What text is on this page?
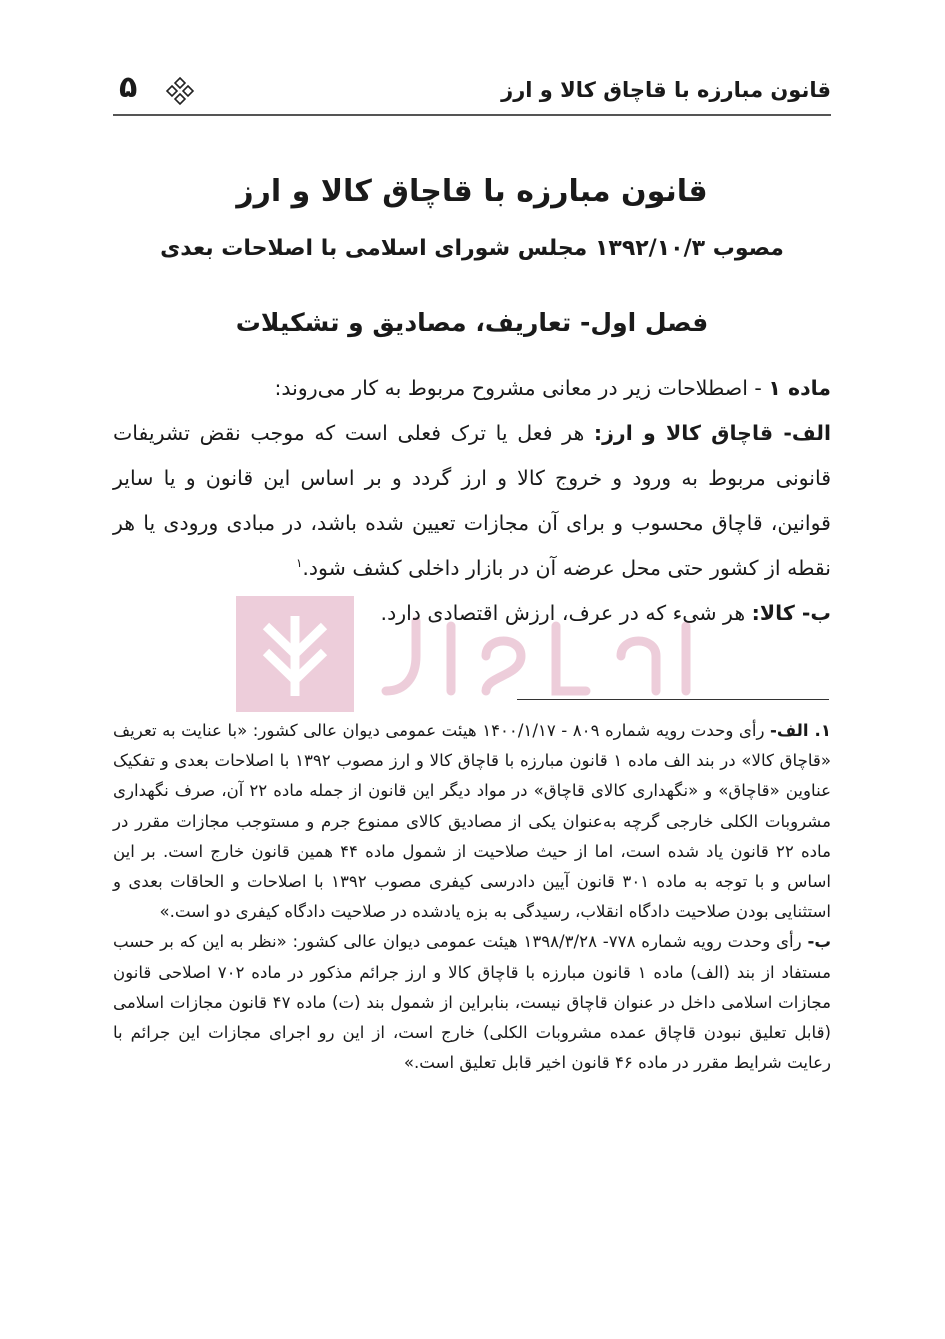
قانون مبارزه با قاچاق کالا و ارز
۵
قانون مبارزه با قاچاق کالا و ارز
مصوب ۱۳۹۲/۱۰/۳ مجلس شورای اسلامی با اصلاحات بعدی
فصل اول- تعاریف، مصادیق و تشکیلات

ماده ۱ - اصطلاحات زیر در معانی مشروح مربوط به کار می‌روند:

الف- قاچاق کالا و ارز: هر فعل یا ترک فعلی است که موجب نقض تشریفات قانونی مربوط به ورود و خروج کالا و ارز گردد و بر اساس این قانون و یا سایر قوانین، قاچاق محسوب و برای آن مجازات تعیین شده باشد، در مبادی ورودی یا هر نقطه از کشور حتی محل عرضه آن در بازار داخلی کشف شود.$^۱$

ب- کالا: هر شیء که در عرف، ارزش اقتصادی دارد.

۱. الف- رأی وحدت رویه شماره ۸۰۹ - ۱۴۰۰/۱/۱۷ هیئت عمومی دیوان عالی کشور: «با عنایت به تعریف «قاچاق کالا» در بند الف ماده ۱ قانون مبارزه با قاچاق کالا و ارز مصوب ۱۳۹۲ با اصلاحات بعدی و تفکیک عناوین «قاچاق» و «نگهداری کالای قاچاق» در مواد دیگر این قانون از جمله ماده ۲۲ آن، صرف نگهداری مشروبات الکلی خارجی گرچه به‌عنوان یکی از مصادیق کالای ممنوع جرم و مستوجب مجازات مقرر در ماده ۲۲ قانون یاد شده است، اما از حیث صلاحیت از شمول ماده ۴۴ همین قانون خارج است. بر این اساس و با توجه به ماده ۳۰۱ قانون آیین دادرسی کیفری مصوب ۱۳۹۲ با اصلاحات و الحاقات بعدی و استثنایی بودن صلاحیت دادگاه انقلاب، رسیدگی به بزه یادشده در صلاحیت دادگاه کیفری دو است.»

ب- رأی وحدت رویه شماره ۷۷۸- ۱۳۹۸/۳/۲۸ هیئت عمومی دیوان عالی کشور: «نظر به این که بر حسب مستفاد از بند (الف) ماده ۱ قانون مبارزه با قاچاق کالا و ارز جرائم مذکور در ماده ۷۰۲ اصلاحی قانون مجازات اسلامی داخل در عنوان قاچاق نیست، بنابراین از شمول بند (ت) ماده ۴۷ قانون مجازات اسلامی (قابل تعلیق نبودن قاچاق عمده مشروبات الکلی) خارج است، از این رو اجرای مجازات این جرائم با رعایت شرایط مقرر در ماده ۴۶ قانون اخیر قابل تعلیق است.»
